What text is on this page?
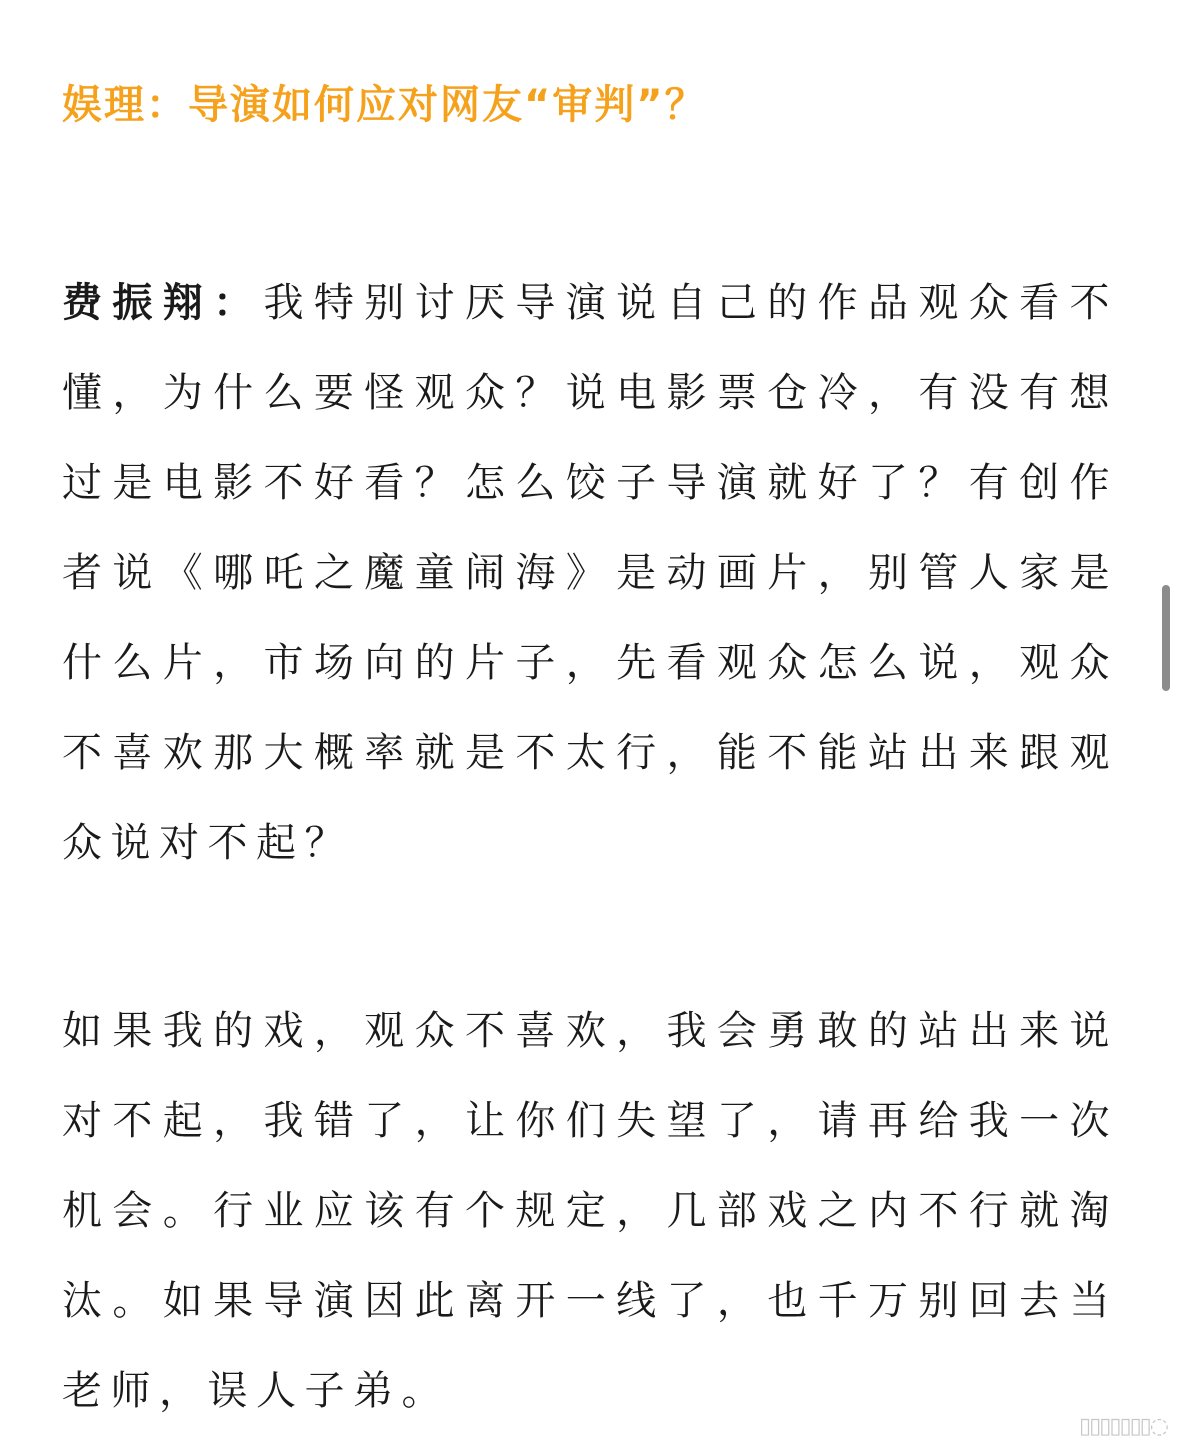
娱理：导演如何应对网友“审判”？

费振翔：我特别讨厌导演说自己的作品观众看不懂，为什么要怪观众？说电影票仓冷，有没有想过是电影不好看？怎么饺子导演就好了？有创作者说《哪吒之魔童闹海》是动画片，别管人家是什么片，市场向的片子，先看观众怎么说，观众不喜欢那大概率就是不太行，能不能站出来跟观众说对不起？

如果我的戏，观众不喜欢，我会勇敢的站出来说对不起，我错了，让你们失望了，请再给我一次机会。行业应该有个规定，几部戏之内不行就淘汰。如果导演因此离开一线了，也千万别回去当老师，误人子弟。

▯▯▯▯▯▯▯◌
